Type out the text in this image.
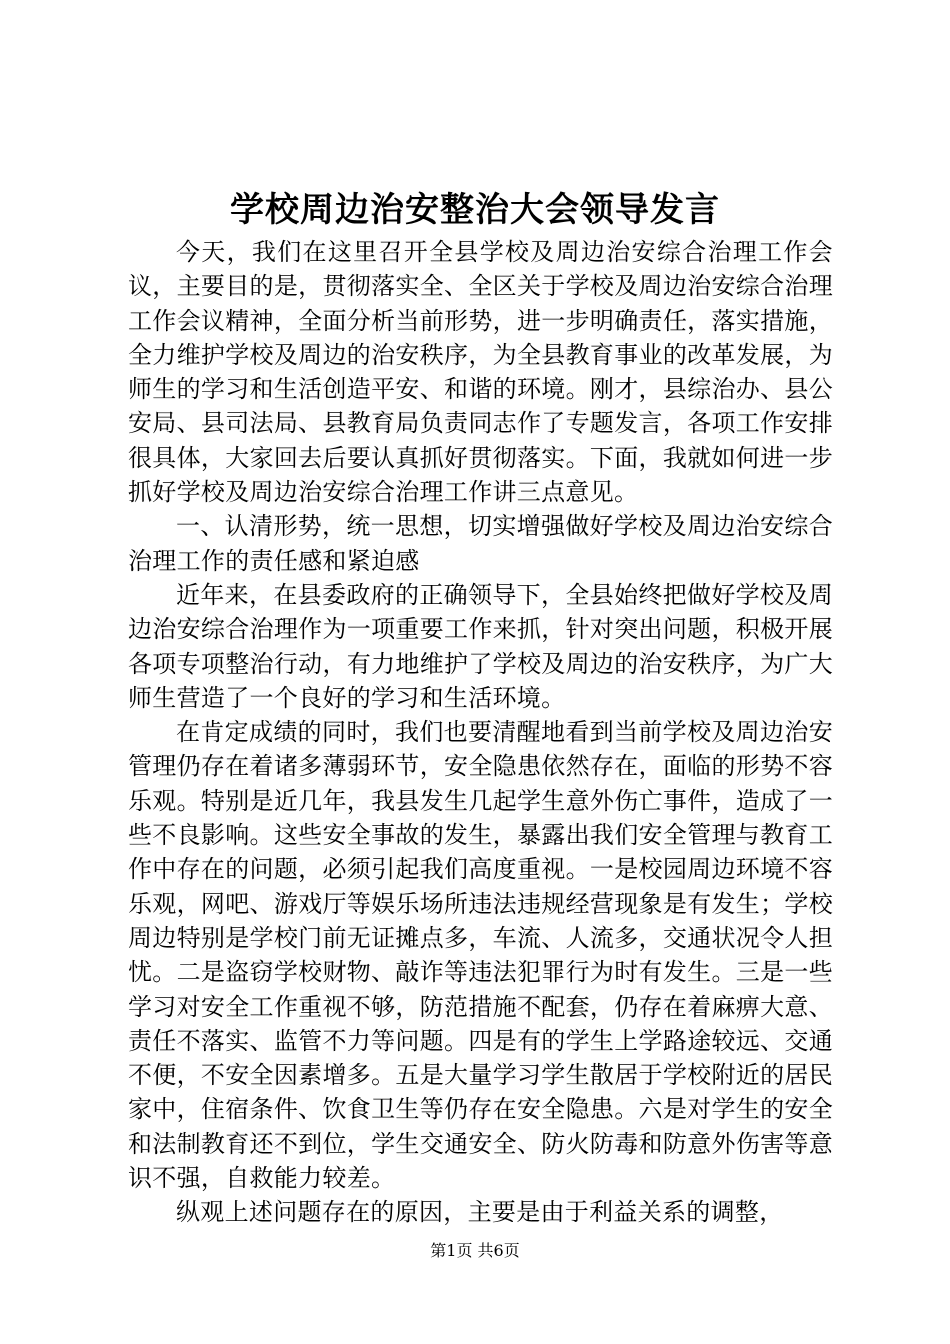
学校周边治安整治大会领导发言

今天，我们在这里召开全县学校及周边治安综合治理工作会议，主要目的是，贯彻落实全、全区关于学校及周边治安综合治理工作会议精神，全面分析当前形势，进一步明确责任，落实措施，全力维护学校及周边的治安秩序，为全县教育事业的改革发展，为师生的学习和生活创造平安、和谐的环境。刚才，县综治办、县公安局、县司法局、县教育局负责同志作了专题发言，各项工作安排很具体，大家回去后要认真抓好贯彻落实。下面，我就如何进一步抓好学校及周边治安综合治理工作讲三点意见。

一、认清形势，统一思想，切实增强做好学校及周边治安综合治理工作的责任感和紧迫感

近年来，在县委政府的正确领导下，全县始终把做好学校及周边治安综合治理作为一项重要工作来抓，针对突出问题，积极开展各项专项整治行动，有力地维护了学校及周边的治安秩序，为广大师生营造了一个良好的学习和生活环境。

在肯定成绩的同时，我们也要清醒地看到当前学校及周边治安管理仍存在着诸多薄弱环节，安全隐患依然存在，面临的形势不容乐观。特别是近几年，我县发生几起学生意外伤亡事件，造成了一些不良影响。这些安全事故的发生，暴露出我们安全管理与教育工作中存在的问题，必须引起我们高度重视。一是校园周边环境不容乐观，网吧、游戏厅等娱乐场所违法违规经营现象是有发生；学校周边特别是学校门前无证摊点多，车流、人流多，交通状况令人担忧。二是盗窃学校财物、敲诈等违法犯罪行为时有发生。三是一些学习对安全工作重视不够，防范措施不配套，仍存在着麻痹大意、责任不落实、监管不力等问题。四是有的学生上学路途较远、交通不便，不安全因素增多。五是大量学习学生散居于学校附近的居民家中，住宿条件、饮食卫生等仍存在安全隐患。六是对学生的安全和法制教育还不到位，学生交通安全、防火防毒和防意外伤害等意识不强，自救能力较差。

纵观上述问题存在的原因，主要是由于利益关系的调整，

第1页 共6页
